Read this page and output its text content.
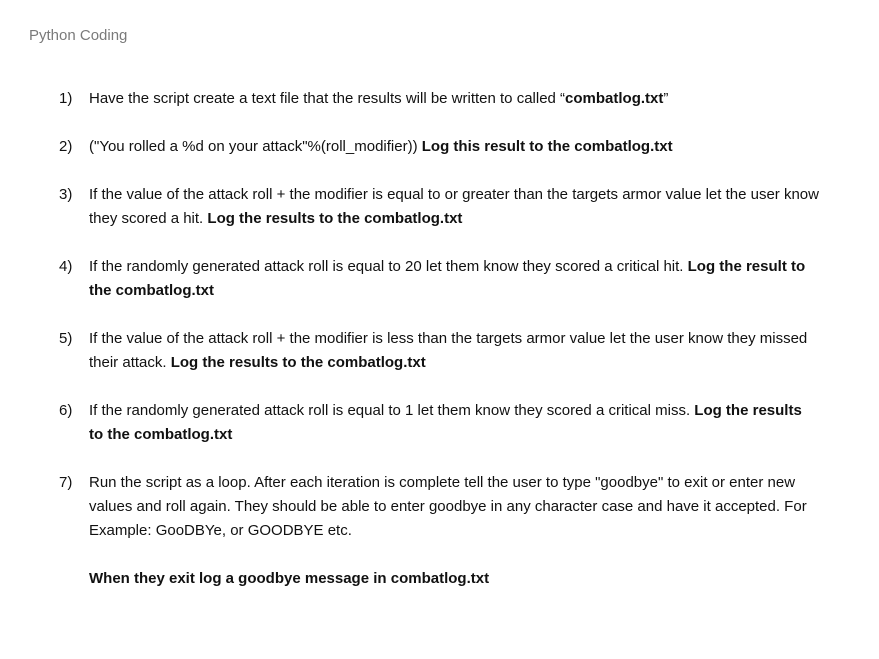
Python Coding
1)	Have the script create a text file that the results will be written to called “combatlog.txt”
2)	("You rolled a %d on your attack"%(roll_modifier)) Log this result to the combatlog.txt
3)	If the value of the attack roll + the modifier is equal to or greater than the targets armor value let the user know they scored a hit. Log the results to the combatlog.txt
4)	If the randomly generated attack roll is equal to 20 let them know they scored a critical hit. Log the result to the combatlog.txt
5)	If the value of the attack roll + the modifier is less than the targets armor value let the user know they missed their attack. Log the results to the combatlog.txt
6)	If the randomly generated attack roll is equal to 1 let them know they scored a critical miss. Log the results to the combatlog.txt
7)	Run the script as a loop. After each iteration is complete tell the user to type "goodbye" to exit or enter new values and roll again. They should be able to enter goodbye in any character case and have it accepted. For Example: GooDBYe, or GOODBYE etc.
When they exit log a goodbye message in combatlog.txt
